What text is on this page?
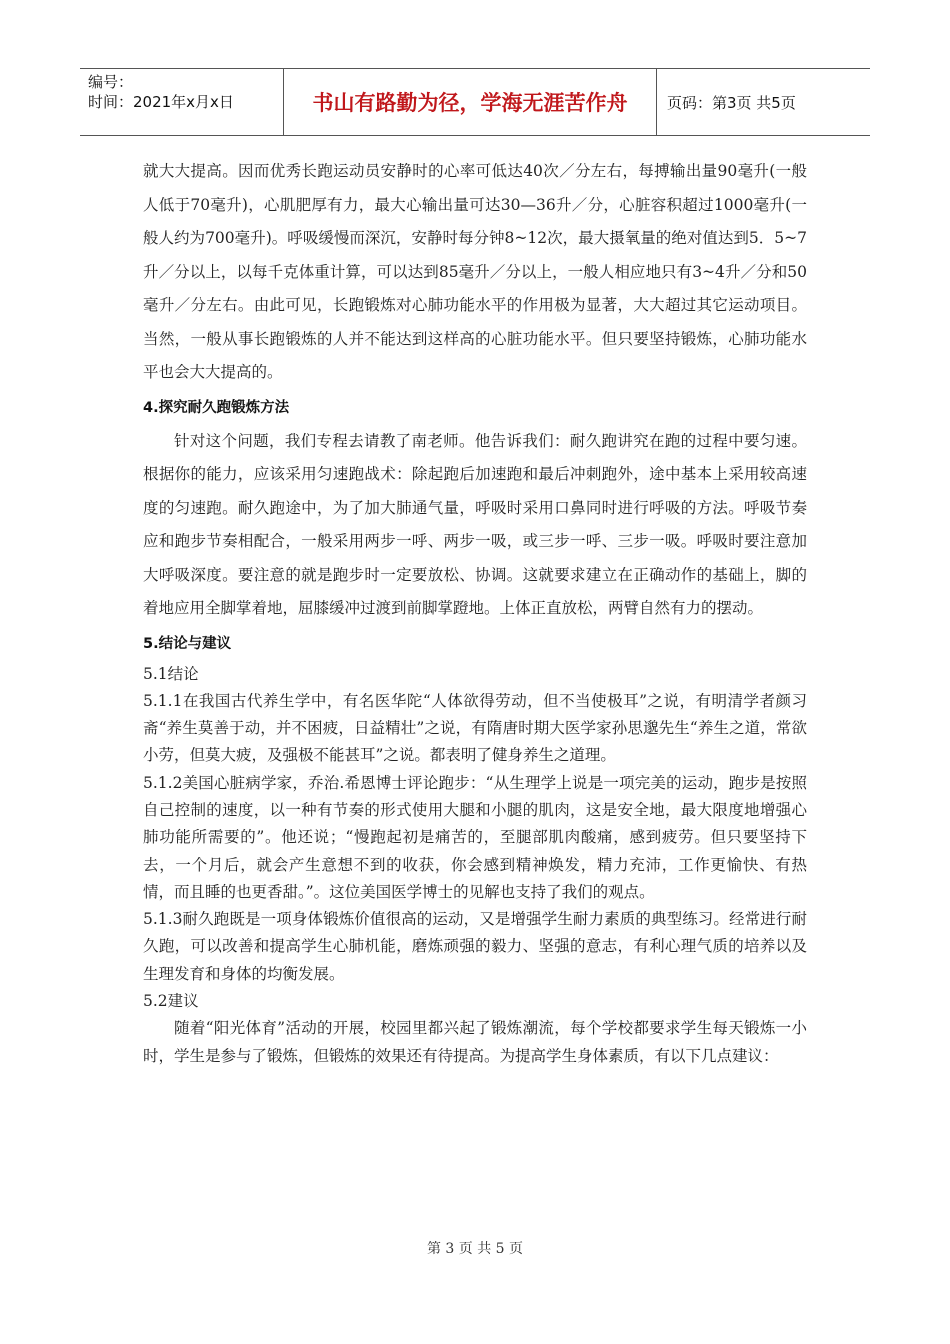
编号：
时间：2021年x月x日	书山有路勤为径，学海无涯苦作舟	页码：第3页 共5页

就大大提高。因而优秀长跑运动员安静时的心率可低达40次／分左右，每搏输出量90毫升(一般人低于70毫升)，心肌肥厚有力，最大心输出量可达30—36升／分，心脏容积超过1000毫升(一般人约为700毫升)。呼吸缓慢而深沉，安静时每分钟8~12次，最大摄氧量的绝对值达到5．5~7升／分以上，以每千克体重计算，可以达到85毫升／分以上，一般人相应地只有3~4升／分和50毫升／分左右。由此可见，长跑锻炼对心肺功能水平的作用极为显著，大大超过其它运动项目。当然，一般从事长跑锻炼的人并不能达到这样高的心脏功能水平。但只要坚持锻炼，心肺功能水平也会大大提高的。

4.探究耐久跑锻炼方法

针对这个问题，我们专程去请教了南老师。他告诉我们：耐久跑讲究在跑的过程中要匀速。根据你的能力，应该采用匀速跑战术：除起跑后加速跑和最后冲刺跑外，途中基本上采用较高速度的匀速跑。耐久跑途中，为了加大肺通气量，呼吸时采用口鼻同时进行呼吸的方法。呼吸节奏应和跑步节奏相配合，一般采用两步一呼、两步一吸，或三步一呼、三步一吸。呼吸时要注意加大呼吸深度。要注意的就是跑步时一定要放松、协调。这就要求建立在正确动作的基础上，脚的着地应用全脚掌着地，屈膝缓冲过渡到前脚掌蹬地。上体正直放松，两臂自然有力的摆动。

5.结论与建议

5.1结论

5.1.1在我国古代养生学中，有名医华陀“人体欲得劳动，但不当使极耳”之说，有明清学者颜习斋“养生莫善于动，并不困疲，日益精壮”之说，有隋唐时期大医学家孙思邈先生“养生之道，常欲小劳，但莫大疲，及强极不能甚耳”之说。都表明了健身养生之道理。

5.1.2美国心脏病学家，乔治.希恩博士评论跑步：“从生理学上说是一项完美的运动，跑步是按照自己控制的速度，以一种有节奏的形式使用大腿和小腿的肌肉，这是安全地，最大限度地增强心肺功能所需要的”。他还说；“慢跑起初是痛苦的，至腿部肌肉酸痛，感到疲劳。但只要坚持下去，一个月后，就会产生意想不到的收获，你会感到精神焕发，精力充沛，工作更愉快、有热情，而且睡的也更香甜。”。这位美国医学博士的见解也支持了我们的观点。

5.1.3耐久跑既是一项身体锻炼价值很高的运动，又是增强学生耐力素质的典型练习。经常进行耐久跑，可以改善和提高学生心肺机能，磨炼顽强的毅力、坚强的意志，有利心理气质的培养以及生理发育和身体的均衡发展。

5.2建议

随着“阳光体育”活动的开展，校园里都兴起了锻炼潮流，每个学校都要求学生每天锻炼一小时，学生是参与了锻炼，但锻炼的效果还有待提高。为提高学生身体素质，有以下几点建议：

第 3 页 共 5 页
